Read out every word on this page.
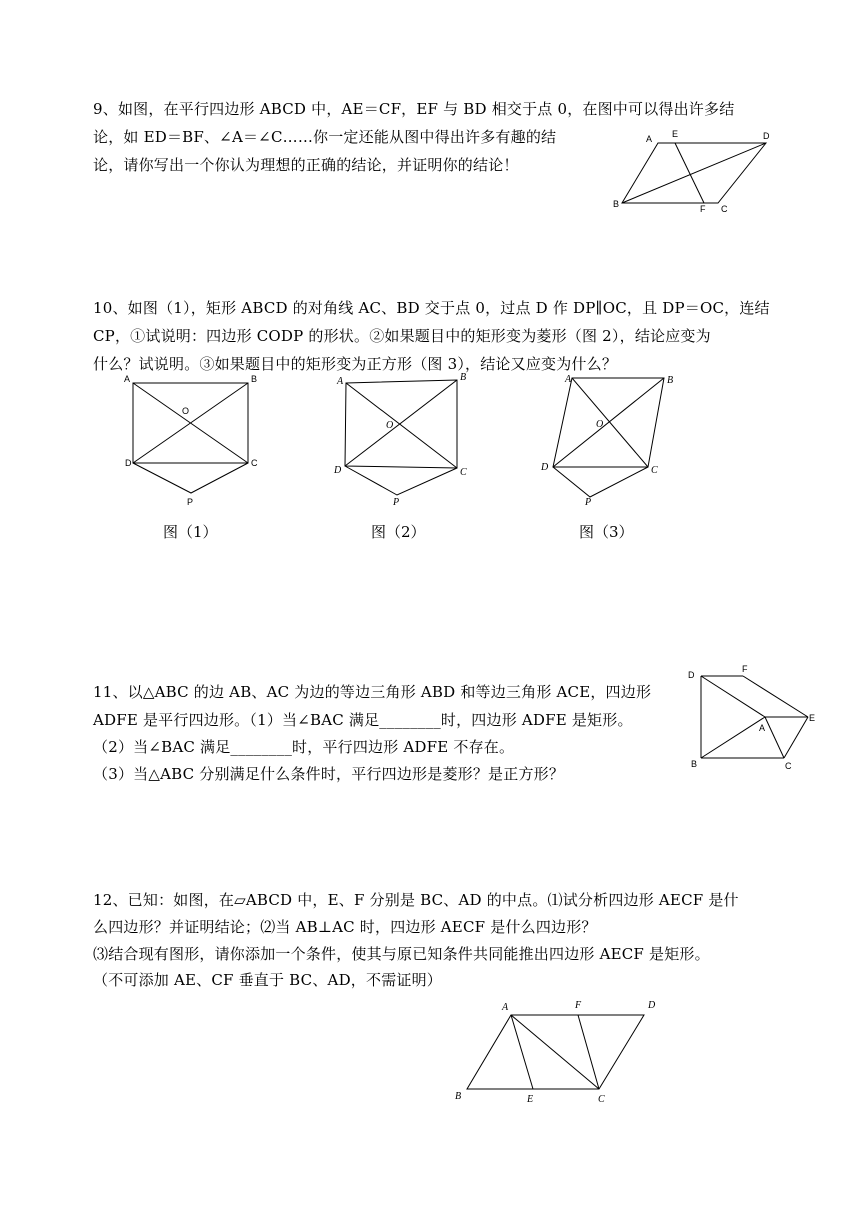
9、如图，在平行四边形 ABCD 中，AE＝CF，EF 与 BD 相交于点 0，在图中可以得出许多结
论，如 ED＝BF、∠A＝∠C……你一定还能从图中得出许多有趣的结
论，请你写出一个你认为理想的正确的结论，并证明你的结论！
A E	D
B	F C
10、如图（1），矩形 ABCD 的对角线 AC、BD 交于点 0，过点 D 作 DP∥OC，且 DP＝OC，连结
CP，①试说明：四边形 CODP 的形状。②如果题目中的矩形变为菱形（图 2），结论应变为
什么？试说明。③如果题目中的矩形变为正方形（图 3），结论又应变为什么？
A	B
O
D	C
P
A	B
O
D	C
P
A	B
O
D	C
P
图（1）	图（2）	图（3）
11、以△ABC 的边 AB、AC 为边的等边三角形 ABD 和等边三角形 ACE，四边形
ADFE 是平行四边形。（1）当∠BAC 满足________时，四边形 ADFE 是矩形。
（2）当∠BAC 满足________时，平行四边形 ADFE 不存在。
（3）当△ABC 分别满足什么条件时，平行四边形是菱形？是正方形？
D
F
A
E
B	C
12、已知：如图，在▱ABCD 中，E、F 分别是 BC、AD 的中点。⑴试分析四边形 AECF 是什
么四边形？并证明结论；⑵当 AB⊥AC 时，四边形 AECF 是什么四边形？
⑶结合现有图形，请你添加一个条件，使其与原已知条件共同能推出四边形 AECF 是矩形。
（不可添加 AE、CF 垂直于 BC、AD，不需证明）
A	F	D
B	E	C
